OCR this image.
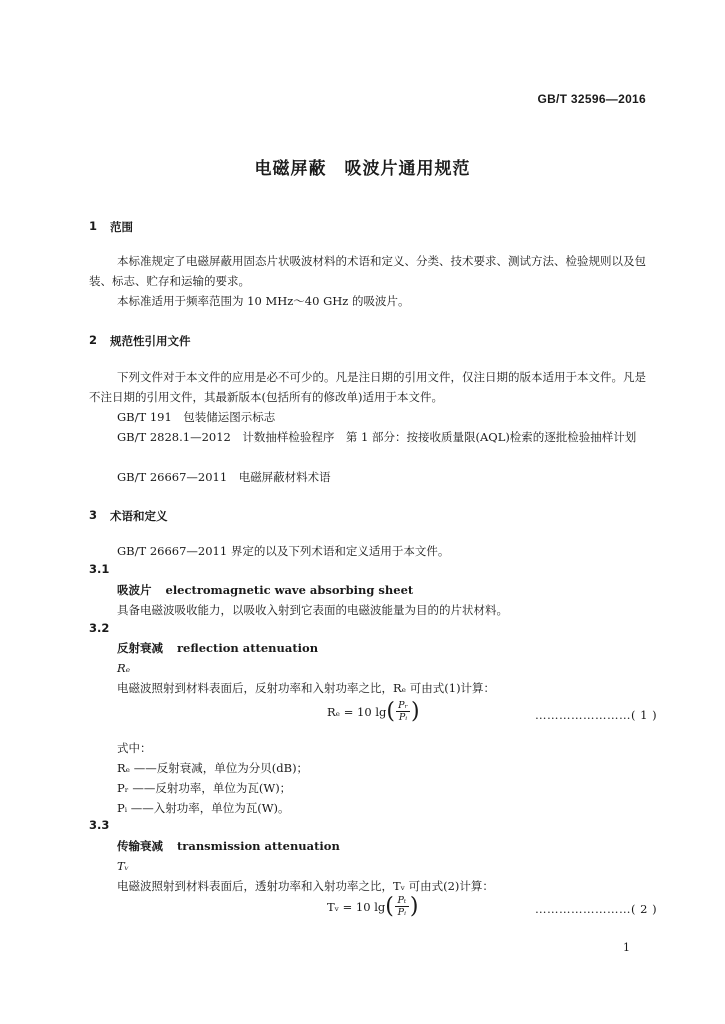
GB/T 32596—2016
电磁屏蔽　吸波片通用规范
1 范围
本标准规定了电磁屏蔽用固态片状吸波材料的术语和定义、分类、技术要求、测试方法、检验规则以及包装、标志、贮存和运输的要求。
本标准适用于频率范围为 10 MHz～40 GHz 的吸波片。
2 规范性引用文件
下列文件对于本文件的应用是必不可少的。凡是注日期的引用文件，仅注日期的版本适用于本文件。凡是不注日期的引用文件，其最新版本(包括所有的修改单)适用于本文件。
GB/T 191　包装储运图示标志
GB/T 2828.1—2012　计数抽样检验程序　第 1 部分：按接收质量限(AQL)检索的逐批检验抽样计划
GB/T 26667—2011　电磁屏蔽材料术语
3 术语和定义
GB/T 26667—2011 界定的以及下列术语和定义适用于本文件。
3.1
吸波片 electromagnetic wave absorbing sheet
具备电磁波吸收能力，以吸收入射到它表面的电磁波能量为目的的片状材料。
3.2
反射衰减 reflection attenuation
Rₑ
电磁波照射到材料表面后，反射功率和入射功率之比，Rₑ 可由式(1)计算：
Rₑ = 10 lg ( $\frac{\text{Pᵣ}}{\text{Pᵢ}}$ )	……………………( 1 )
式中：
Rₑ ——反射衰减，单位为分贝(dB)；
Pᵣ ——反射功率，单位为瓦(W)；
Pᵢ ——入射功率，单位为瓦(W)。
3.3
传输衰减 transmission attenuation
Tᵥ
电磁波照射到材料表面后，透射功率和入射功率之比，Tᵥ 可由式(2)计算：
Tᵥ = 10 lg ( $\frac{\text{Pₜ}}{\text{Pᵢ}}$ )	……………………( 2 )
1
